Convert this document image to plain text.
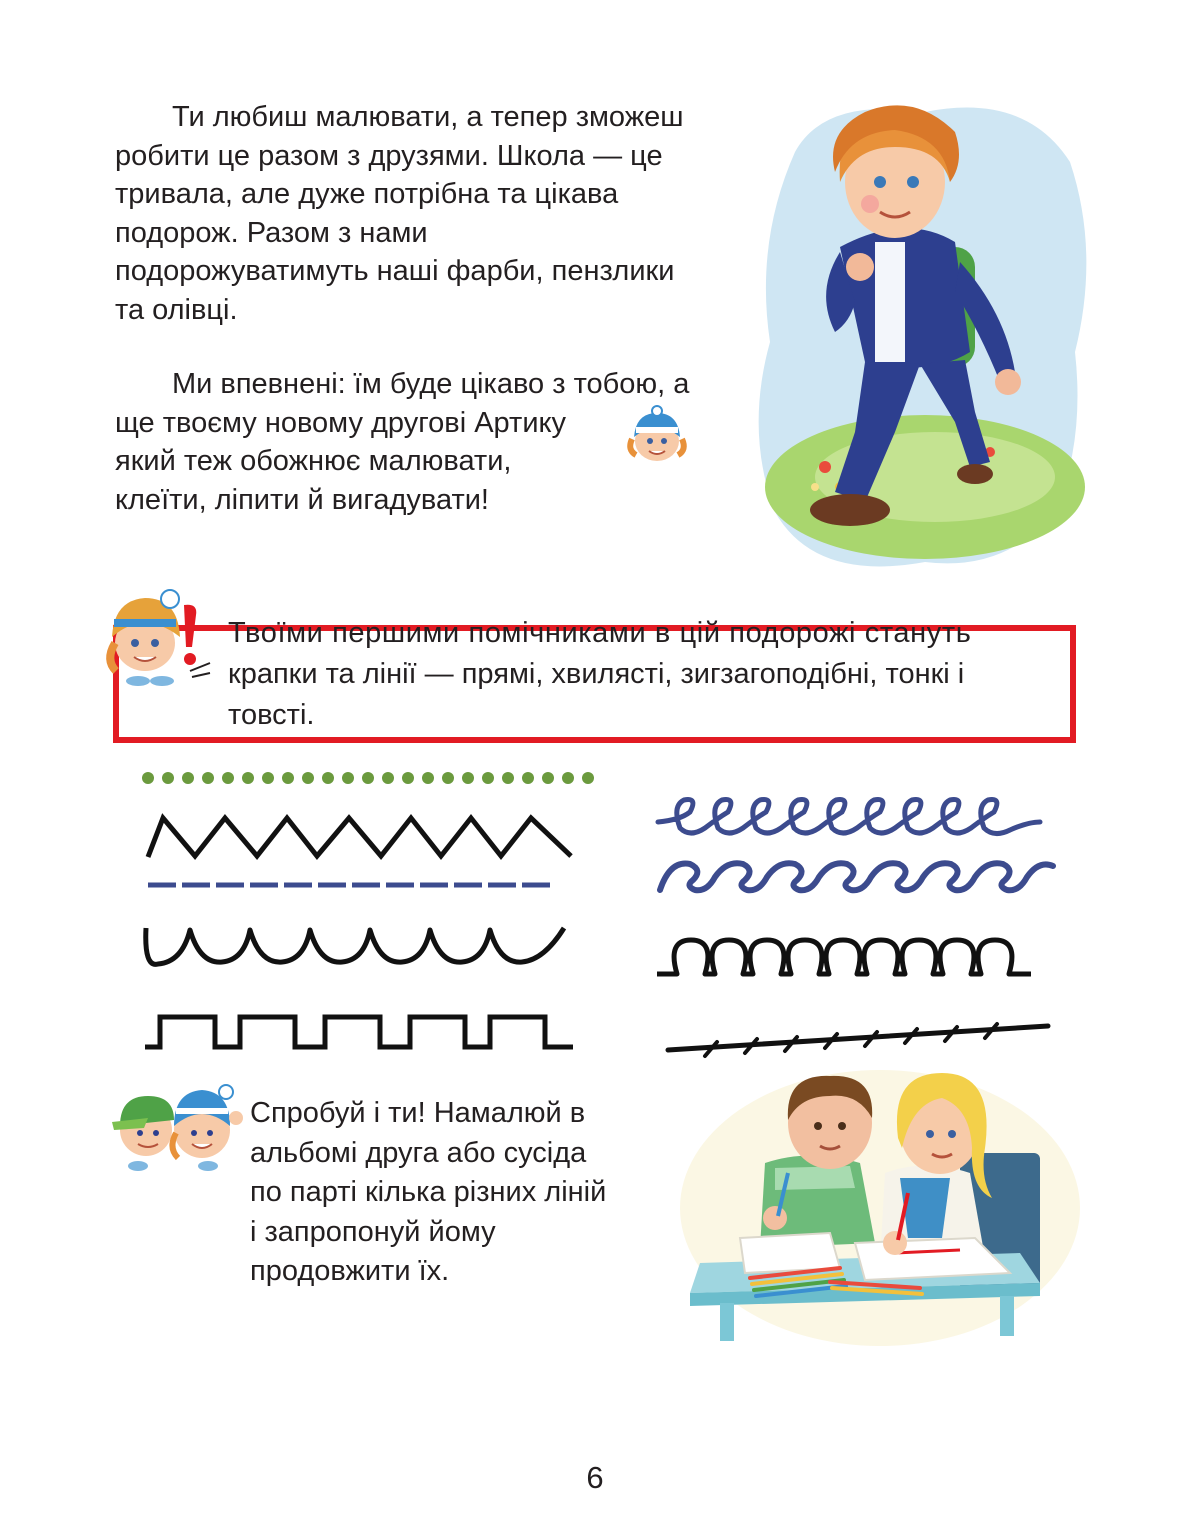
Ти любиш малювати, а тепер зможеш
робити це разом з друзями. Школа — це
тривала, але дуже потрібна та цікава
подорож. Разом з нами
подорожуватимуть наші фарби, пензлики
та олівці.
Ми впевнені: їм буде цікаво з тобою, а
ще твоєму новому другові Артику
який теж обожнює малювати,
клеїти, ліпити й вигадувати!
Твоїми першими помічниками в цій подорожі стануть
крапки та лінії — прямі, хвилясті, зигзагоподібні, тонкі і
товсті.
Спробуй і ти! Намалюй в
альбомі друга або сусіда
по парті кілька різних ліній
і запропонуй йому
продовжити їх.
6
